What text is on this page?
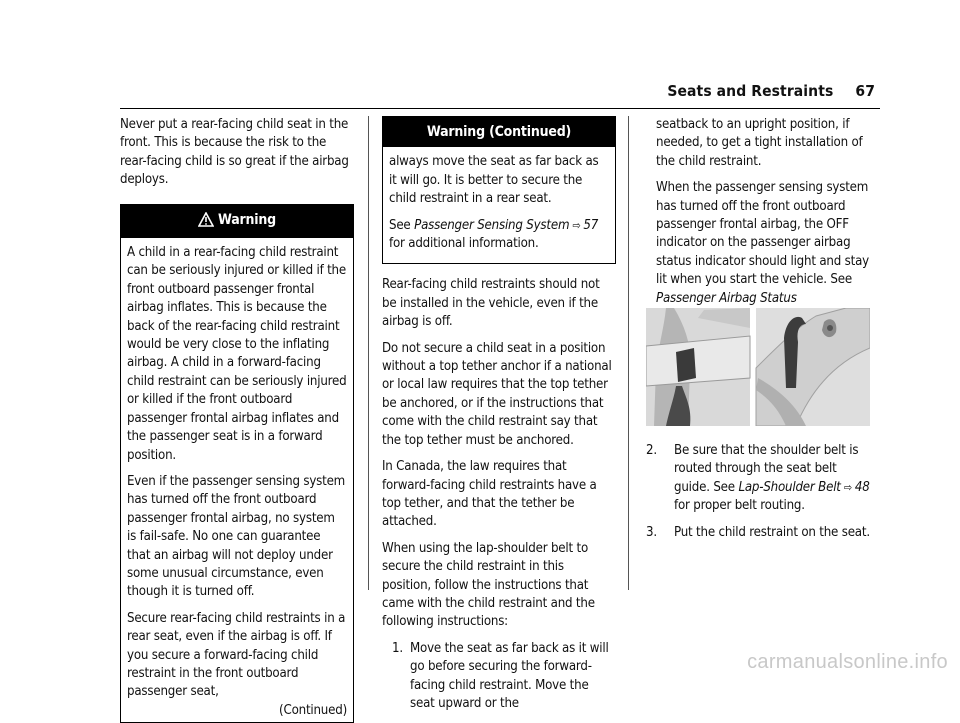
Seats and Restraints 67

Never put a rear-facing child seat in the front. This is because the risk to the rear-facing child is so great if the airbag deploys.

Warning

A child in a rear-facing child restraint can be seriously injured or killed if the front outboard passenger frontal airbag inflates. This is because the back of the rear-facing child restraint would be very close to the inflating airbag. A child in a forward-facing child restraint can be seriously injured or killed if the front outboard passenger frontal airbag inflates and the passenger seat is in a forward position.

Even if the passenger sensing system has turned off the front outboard passenger frontal airbag, no system is fail-safe. No one can guarantee that an airbag will not deploy under some unusual circumstance, even though it is turned off.

Secure rear-facing child restraints in a rear seat, even if the airbag is off. If you secure a forward-facing child restraint in the front outboard passenger seat,

(Continued)
Warning (Continued)

always move the seat as far back as it will go. It is better to secure the child restraint in a rear seat.

See Passenger Sensing System ⇨ 57 for additional information.

Rear-facing child restraints should not be installed in the vehicle, even if the airbag is off.

Do not secure a child seat in a position without a top tether anchor if a national or local law requires that the top tether be anchored, or if the instructions that come with the child restraint say that the top tether must be anchored.

In Canada, the law requires that forward-facing child restraints have a top tether, and that the tether be attached.

When using the lap-shoulder belt to secure the child restraint in this position, follow the instructions that came with the child restraint and the following instructions:

1. Move the seat as far back as it will go before securing the forward-facing child restraint. Move the seat upward or the

seatback to an upright position, if needed, to get a tight installation of the child restraint.

When the passenger sensing system has turned off the front outboard passenger frontal airbag, the OFF indicator on the passenger airbag status indicator should light and stay lit when you start the vehicle. See Passenger Airbag Status

2. Be sure that the shoulder belt is routed through the seat belt guide. See Lap-Shoulder Belt ⇨ 48 for proper belt routing.
3. Put the child restraint on the seat.
carmanualsonline.info
